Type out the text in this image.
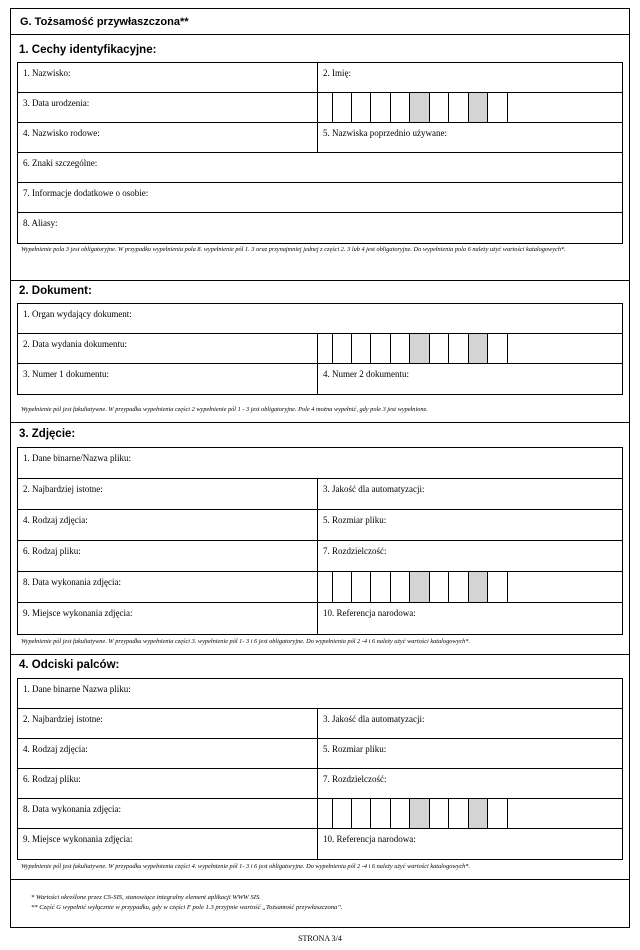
G. Tożsamość przywłaszczona**
1. Cechy identyfikacyjne:
1. Nazwisko:	2. Imię:
3. Data urodzenia:
4. Nazwisko rodowe:	5. Nazwiska poprzednio używane:
6. Znaki szczególne:
7. Informacje dodatkowe o osobie:
8. Aliasy:
Wypełnienie pola 3 jest obligatoryjne. W przypadku wypełnienia pola 8. wypełnienie pól 1. 3 oraz przynajmniej jednej z części 2. 3 lub 4 jest obligatoryjne. Do wypełnienia pola 6 należy użyć wartości katalogowych*.
2. Dokument:
1. Organ wydający dokument:
2. Data wydania dokumentu:
3. Numer 1 dokumentu:	4. Numer 2 dokumentu:
Wypełnienie pól jest fakultatywne. W przypadku wypełnienia części 2 wypełnienie pól 1 - 3 jest obligatoryjne. Pole 4 można wypełnić, gdy pole 3 jest wypełnione.
3. Zdjęcie:
1. Dane binarne/Nazwa pliku:
2. Najbardziej istotne:	3. Jakość dla automatyzacji:
4. Rodzaj zdjęcia:	5. Rozmiar pliku:
6. Rodzaj pliku:	7. Rozdzielczość:
8. Data wykonania zdjęcia:
9. Miejsce wykonania zdjęcia:	10. Referencja narodowa:
Wypełnienie pól jest fakultatywne. W przypadku wypełnienia części 3. wypełnienie pól 1- 3 i 6 jest obligatoryjne. Do wypełnienia pól 2 -4 i 6 należy użyć wartości katalogowych*.
4. Odciski palców:
1. Dane binarne Nazwa pliku:
2. Najbardziej istotne:	3. Jakość dla automatyzacji:
4. Rodzaj zdjęcia:	5. Rozmiar pliku:
6. Rodzaj pliku:	7. Rozdzielczość:
8. Data wykonania zdjęcia:
9. Miejsce wykonania zdjęcia:	10. Referencja narodowa:
Wypełnienie pól jest fakultatywne. W przypadku wypełnienia części 4. wypełnienie pól 1- 3 i 6 jest obligatoryjne. Do wypełnienia pól 2 -4 i 6 należy użyć wartości katalogowych*.
* Wartości określone przez CS-SIS, stanowiące integralny element aplikacji WWW SIS.
** Część G wypełnić wyłącznie w przypadku, gdy w części F pole 1.3 przyjmie wartość „Tożsamość przywłaszczona”.
STRONA 3/4
